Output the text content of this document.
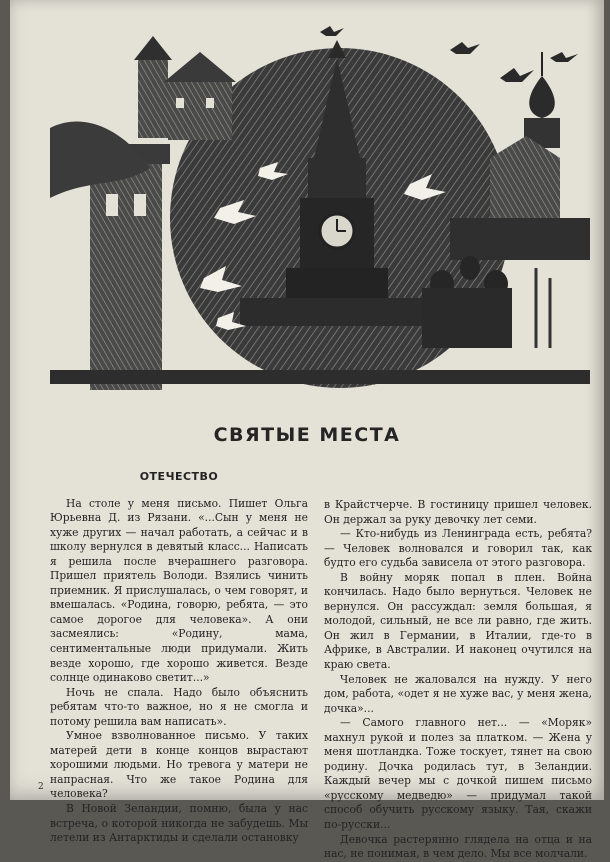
СВЯТЫЕ МЕСТА

ОТЕЧЕСТВО

На столе у меня письмо. Пишет Ольга Юрьевна Д. из Рязани. «...Сын у меня не хуже других — начал работать, а сейчас и в школу вернулся в девятый класс... Написать я решила после вчерашнего разговора. Пришел приятель Володи. Взялись чинить приемник. Я прислушалась, о чем говорят, и вмешалась. «Родина, говорю, ребята, — это самое дорогое для человека». А они засмеялись: «Родину, мама, сентиментальные люди придумали. Жить везде хорошо, где хорошо живется. Везде солнце одинаково светит...»

Ночь не спала. Надо было объяснить ребятам что-то важное, но я не смогла и потому решила вам написать».

Умное взволнованное письмо. У таких матерей дети в конце концов вырастают хорошими людьми. Но тревога у матери не напрасная. Что же такое Родина для человека?

В Новой Зеландии, помню, была у нас встреча, о которой никогда не забудешь. Мы летели из Антарктиды и сделали остановку

в Крайстчерче. В гостиницу пришел человек. Он держал за руку девочку лет семи.

— Кто-нибудь из Ленинграда есть, ребята? — Человек волновался и говорил так, как будто его судьба зависела от этого разговора.

В войну моряк попал в плен. Война кончилась. Надо было вернуться. Человек не вернулся. Он рассуждал: земля большая, я молодой, сильный, не все ли равно, где жить. Он жил в Германии, в Италии, где-то в Африке, в Австралии. И наконец очутился на краю света.

Человек не жаловался на нужду. У него дом, работа, «одет я не хуже вас, у меня жена, дочка»...

— Самого главного нет... — «Моряк» махнул рукой и полез за платком. — Жена у меня шотландка. Тоже тоскует, тянет на свою родину. Дочка родилась тут, в Зеландии. Каждый вечер мы с дочкой пишем письмо «русскому медведю» — придумал такой способ обучить русскому языку. Тая, скажи по-русски...

Девочка растерянно глядела на отца и на нас, не понимая, в чем дело. Мы все молчали.

2
